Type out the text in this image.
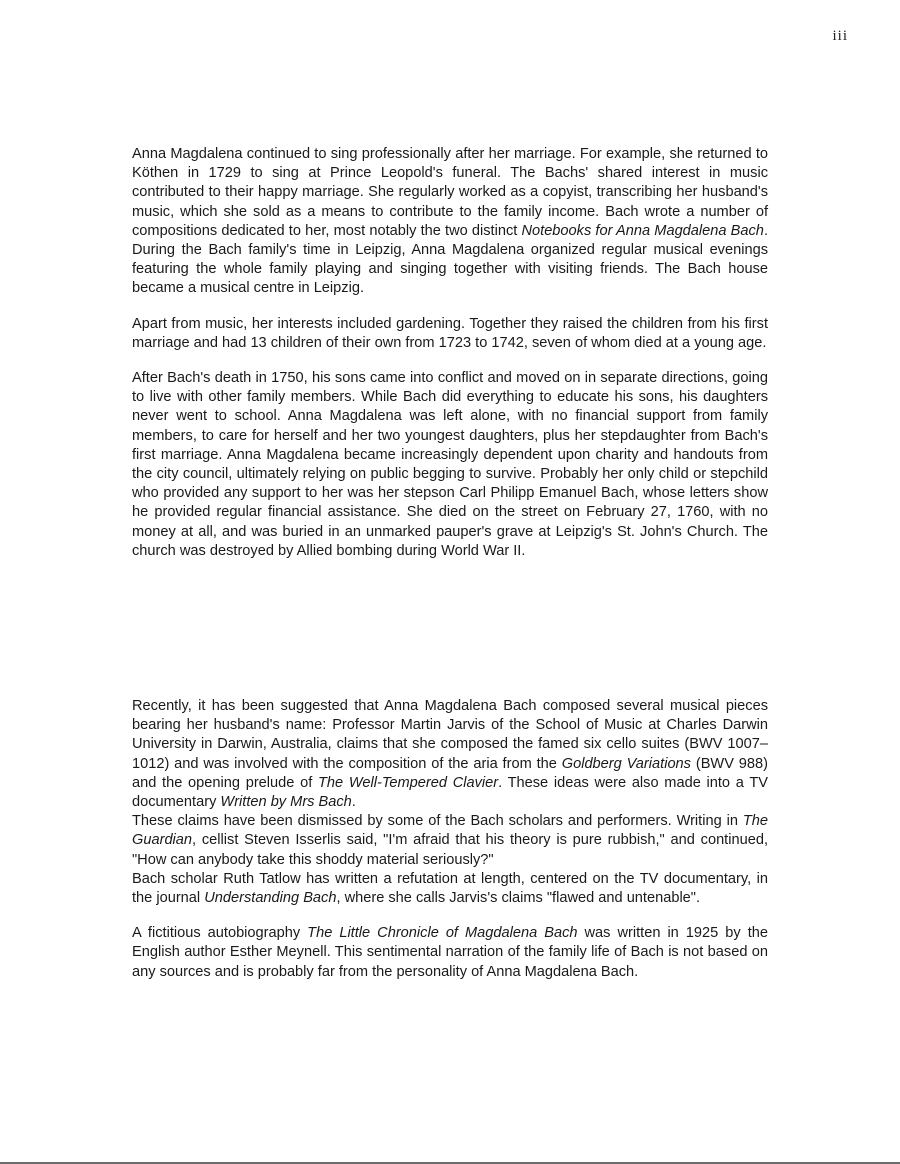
iii

Anna Magdalena continued to sing professionally after her marriage. For example, she returned to Köthen in 1729 to sing at Prince Leopold's funeral. The Bachs' shared interest in music contributed to their happy marriage. She regularly worked as a copyist, transcribing her husband's music, which she sold as a means to contribute to the family income. Bach wrote a number of compositions dedicated to her, most notably the two distinct Notebooks for Anna Magdalena Bach. During the Bach family's time in Leipzig, Anna Magdalena organized regular musical evenings featuring the whole family playing and singing together with visiting friends. The Bach house became a musical centre in Leipzig.

Apart from music, her interests included gardening. Together they raised the children from his first marriage and had 13 children of their own from 1723 to 1742, seven of whom died at a young age.

After Bach's death in 1750, his sons came into conflict and moved on in separate directions, going to live with other family members. While Bach did everything to educate his sons, his daughters never went to school. Anna Magdalena was left alone, with no financial support from family members, to care for herself and her two youngest daughters, plus her stepdaughter from Bach's first marriage. Anna Magdalena became increasingly dependent upon charity and handouts from the city council, ultimately relying on public begging to survive. Probably her only child or stepchild who provided any support to her was her stepson Carl Philipp Emanuel Bach, whose letters show he provided regular financial assistance. She died on the street on February 27, 1760, with no money at all, and was buried in an unmarked pauper's grave at Leipzig's St. John's Church. The church was destroyed by Allied bombing during World War II.

Recently, it has been suggested that Anna Magdalena Bach composed several musical pieces bearing her husband's name: Professor Martin Jarvis of the School of Music at Charles Darwin University in Darwin, Australia, claims that she composed the famed six cello suites (BWV 1007–1012) and was involved with the composition of the aria from the Goldberg Variations (BWV 988) and the opening prelude of The Well-Tempered Clavier. These ideas were also made into a TV documentary Written by Mrs Bach.
These claims have been dismissed by some of the Bach scholars and performers. Writing in The Guardian, cellist Steven Isserlis said, "I'm afraid that his theory is pure rubbish," and continued, "How can anybody take this shoddy material seriously?"
Bach scholar Ruth Tatlow has written a refutation at length, centered on the TV documentary, in the journal Understanding Bach, where she calls Jarvis's claims "flawed and untenable".

A fictitious autobiography The Little Chronicle of Magdalena Bach was written in 1925 by the English author Esther Meynell. This sentimental narration of the family life of Bach is not based on any sources and is probably far from the personality of Anna Magdalena Bach.
